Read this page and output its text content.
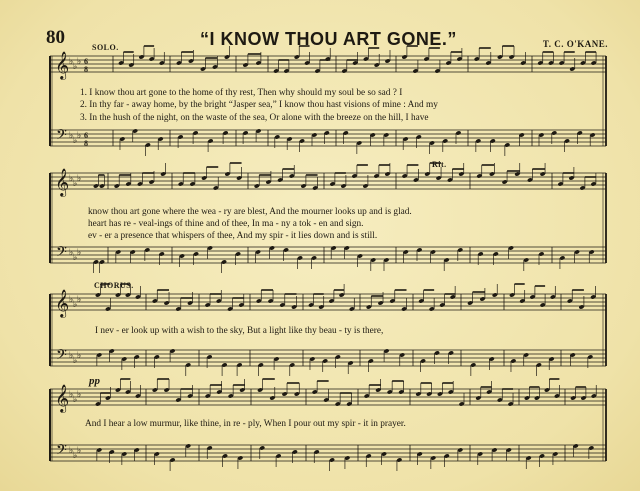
80	“I KNOW THOU ART GONE.”	T. C. O'KANE.
SOLO.
Rit.
CHORUS.
pp
𝄞
𝄢
♭ ♭ ♭
♭ ♭ ♭
6
8
6
8
𝄞
𝄢
♭ ♭ ♭
♭ ♭ ♭
𝄞
𝄢
♭ ♭ ♭
♭ ♭ ♭
𝄞
𝄢
♭ ♭ ♭
♭ ♭ ♭
1. I know thou art gone to the home of thy rest, Then why should my soul be so sad ? I
2. In thy far - away home, by the bright “Jasper sea,” I know thou hast visions of mine : And my
3. In the hush of the night, on the waste of the sea, Or alone with the breeze on the hill, I have
know thou art gone where the wea - ry are blest, And the mourner looks up and is glad.
heart has re - veal-ings of thine and of thee, In ma - ny a tok - en and sign.
ev - er a presence that whispers of thee, And my spir - it lies down and is still.
I nev - er look up with a wish to the sky, But a light like thy beau - ty is there,
And I hear a low murmur, like thine, in re - ply, When I pour out my spir - it in prayer.
